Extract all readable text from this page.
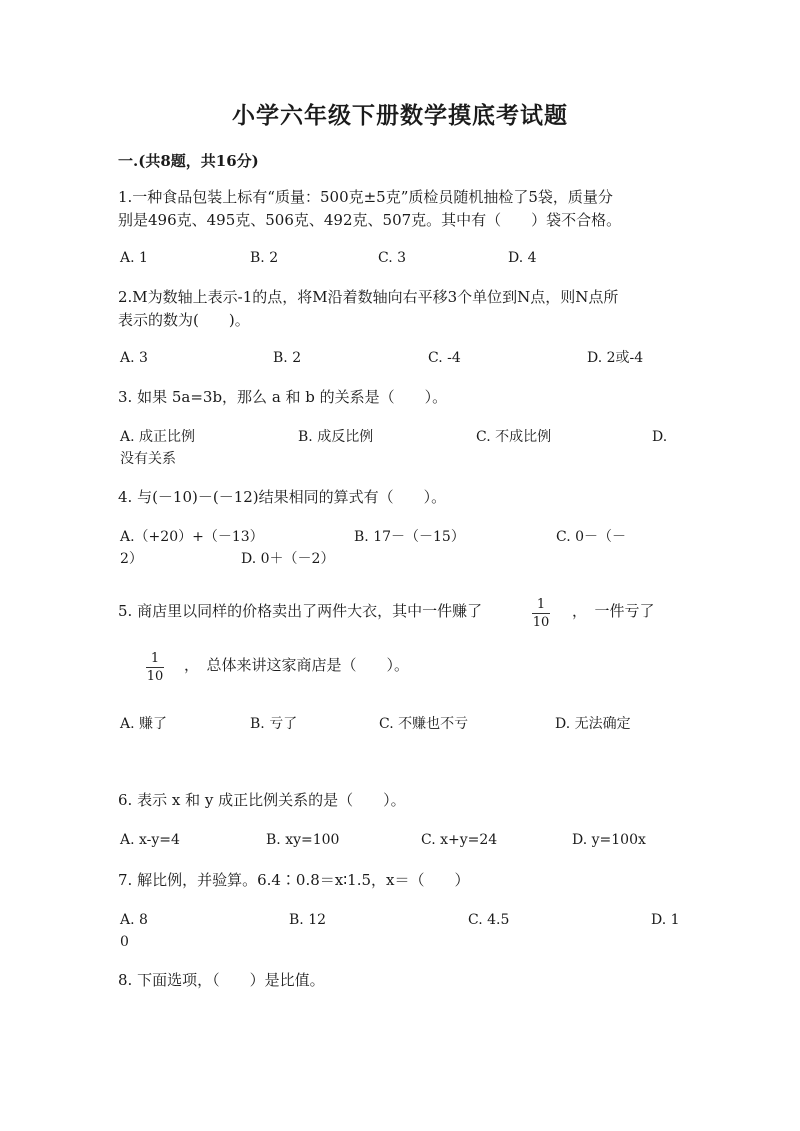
小学六年级下册数学摸底考试题
一.(共8题，共16分)
1.一种食品包装上标有“质量：500克±5克”质检员随机抽检了5袋，质量分
别是496克、495克、506克、492克、507克。其中有（　　）袋不合格。
A. 1	B. 2	C. 3	D. 4
2.M为数轴上表示-1的点，将M沿着数轴向右平移3个单位到N点，则N点所
表示的数为(　　)。
A. 3	B. 2	C. -4	D. 2或-4
3. 如果 5a=3b，那么 a 和 b 的关系是（　　）。
A. 成正比例	B. 成反比例	C. 不成比例	D.
没有关系
4. 与(－10)－(－12)结果相同的算式有（　　）。
A.（+20）+（－13）	B. 17－（－15）	C. 0－（－
2）	D. 0＋（－2）
5. 商店里以同样的价格卖出了两件大衣，其中一件赚了	1
10
，　一件亏了
1
10
，　总体来讲这家商店是（　　）。
A. 赚了	B. 亏了	C. 不赚也不亏	D. 无法确定
6. 表示 x 和 y 成正比例关系的是（　　）。
A. x-y=4	B. xy=100	C. x+y=24	D. y=100x
7. 解比例，并验算。6.4∶0.8＝x∶1.5，x＝（　　）
A. 8	B. 12	C. 4.5	D. 1
0
8. 下面选项，（　　）是比值。
